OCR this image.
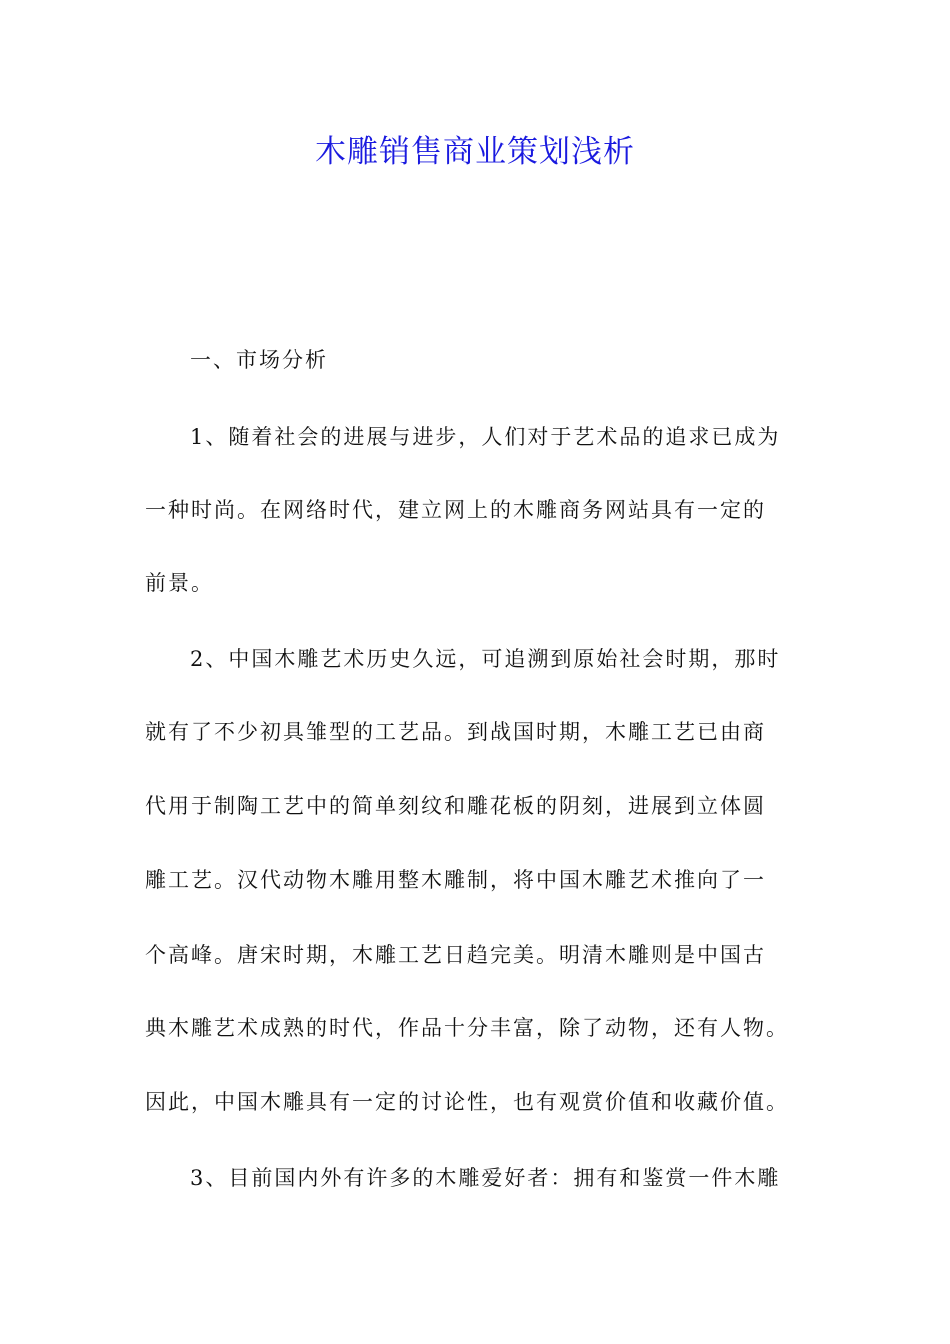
木雕销售商业策划浅析
一、市场分析
1、随着社会的进展与进步，人们对于艺术品的追求已成为
一种时尚。在网络时代，建立网上的木雕商务网站具有一定的
前景。
2、中国木雕艺术历史久远，可追溯到原始社会时期，那时
就有了不少初具雏型的工艺品。到战国时期，木雕工艺已由商
代用于制陶工艺中的简单刻纹和雕花板的阴刻，进展到立体圆
雕工艺。汉代动物木雕用整木雕制，将中国木雕艺术推向了一
个高峰。唐宋时期，木雕工艺日趋完美。明清木雕则是中国古
典木雕艺术成熟的时代，作品十分丰富，除了动物，还有人物。
因此，中国木雕具有一定的讨论性，也有观赏价值和收藏价值。
3、目前国内外有许多的木雕爱好者：拥有和鉴赏一件木雕
